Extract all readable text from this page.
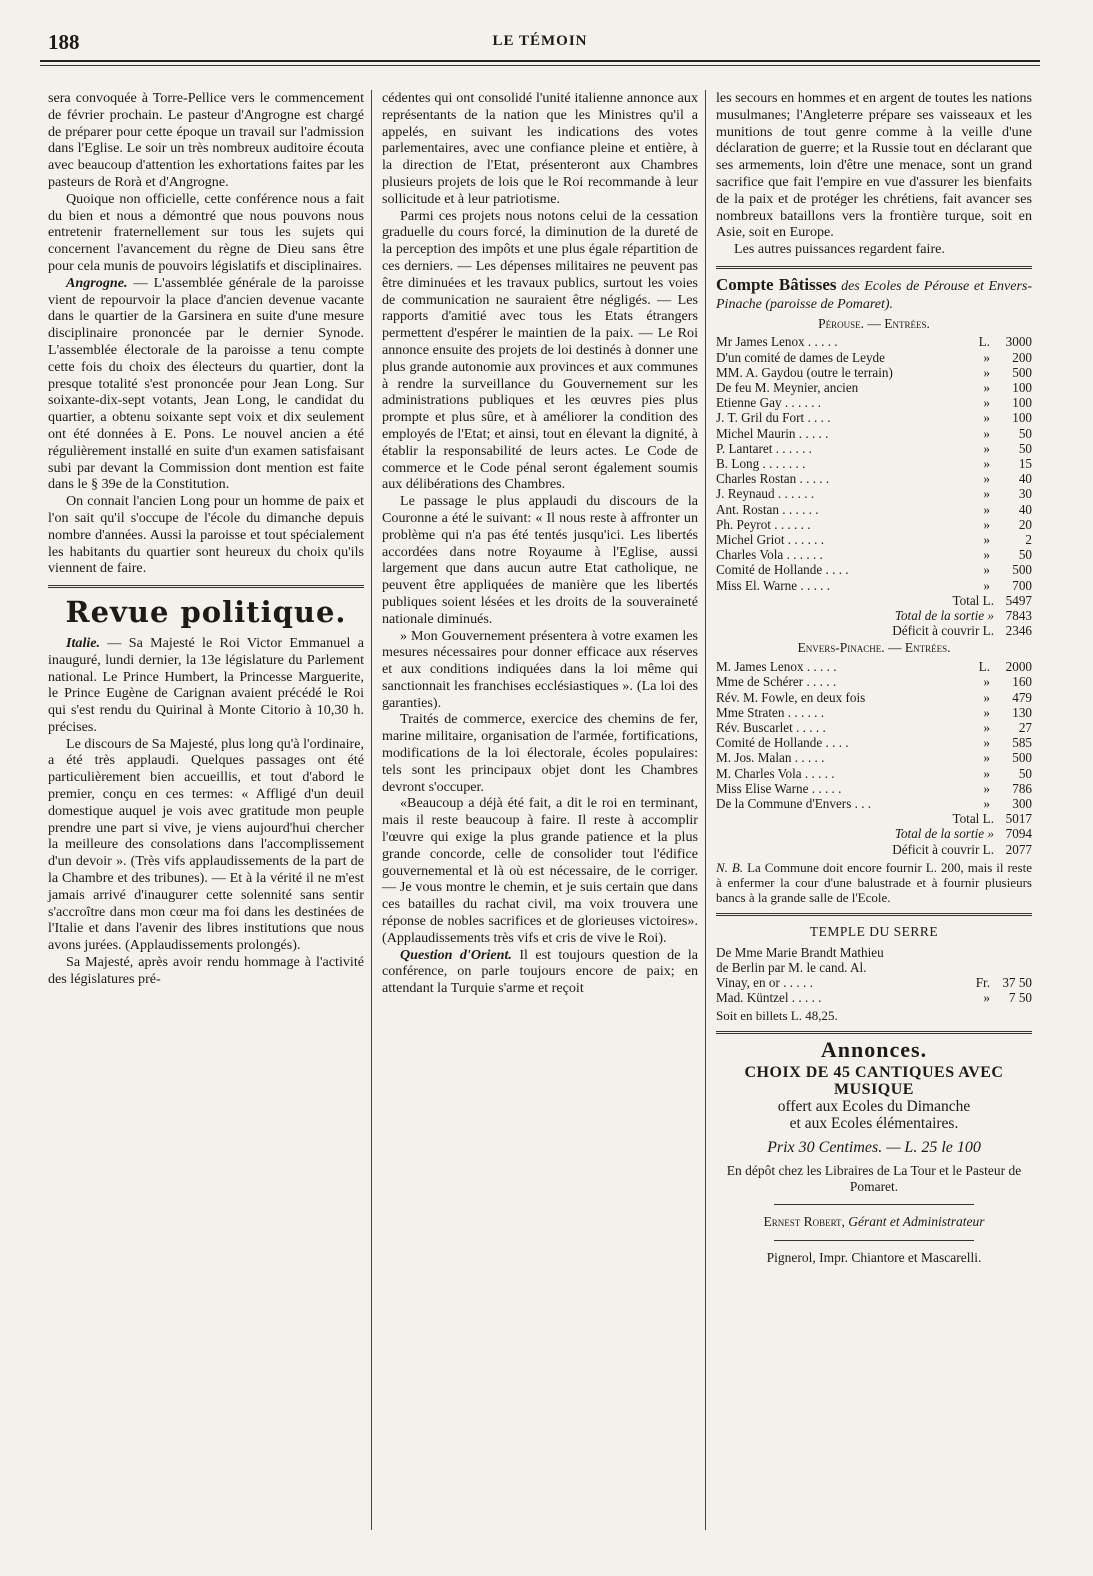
188	LE TÉMOIN

sera convoquée à Torre-Pellice vers le commencement de février prochain. Le pasteur d'Angrogne est chargé de préparer pour cette époque un travail sur l'admission dans l'Eglise. Le soir un très nombreux auditoire écouta avec beaucoup d'attention les exhortations faites par les pasteurs de Rorà et d'Angrogne.

Quoique non officielle, cette conférence nous a fait du bien et nous a démontré que nous pouvons nous entretenir fraternellement sur tous les sujets qui concernent l'avancement du règne de Dieu sans être pour cela munis de pouvoirs législatifs et disciplinaires.

Angrogne. — L'assemblée générale de la paroisse vient de repourvoir la place d'ancien devenue vacante dans le quartier de la Garsinera en suite d'une mesure disciplinaire prononcée par le dernier Synode. L'assemblée électorale de la paroisse a tenu compte cette fois du choix des électeurs du quartier, dont la presque totalité s'est prononcée pour Jean Long. Sur soixante-dix-sept votants, Jean Long, le candidat du quartier, a obtenu soixante sept voix et dix seulement ont été données à E. Pons. Le nouvel ancien a été régulièrement installé en suite d'un examen satisfaisant subi par devant la Commission dont mention est faite dans le § 39e de la Constitution.

On connait l'ancien Long pour un homme de paix et l'on sait qu'il s'occupe de l'école du dimanche depuis nombre d'années. Aussi la paroisse et tout spécialement les habitants du quartier sont heureux du choix qu'ils viennent de faire.

Revue politique.

Italie. — Sa Majesté le Roi Victor Emmanuel a inauguré, lundi dernier, la 13e législature du Parlement national. Le Prince Humbert, la Princesse Marguerite, le Prince Eugène de Carignan avaient précédé le Roi qui s'est rendu du Quirinal à Monte Citorio à 10,30 h. précises.

Le discours de Sa Majesté, plus long qu'à l'ordinaire, a été très applaudi. Quelques passages ont été particulièrement bien accueillis, et tout d'abord le premier, conçu en ces termes: « Affligé d'un deuil domestique auquel je vois avec gratitude mon peuple prendre une part si vive, je viens aujourd'hui chercher la meilleure des consolations dans l'accomplissement d'un devoir ». (Très vifs applaudissements de la part de la Chambre et des tribunes). — Et à la vérité il ne m'est jamais arrivé d'inaugurer cette solennité sans sentir s'accroître dans mon cœur ma foi dans les destinées de l'Italie et dans l'avenir des libres institutions que nous avons jurées. (Applaudissements prolongés).

Sa Majesté, après avoir rendu hommage à l'activité des législatures pré-

cédentes qui ont consolidé l'unité italienne annonce aux représentants de la nation que les Ministres qu'il a appelés, en suivant les indications des votes parlementaires, avec une confiance pleine et entière, à la direction de l'Etat, présenteront aux Chambres plusieurs projets de lois que le Roi recommande à leur sollicitude et à leur patriotisme.

Parmi ces projets nous notons celui de la cessation graduelle du cours forcé, la diminution de la dureté de la perception des impôts et une plus égale répartition de ces derniers. — Les dépenses militaires ne peuvent pas être diminuées et les travaux publics, surtout les voies de communication ne sauraient être négligés. — Les rapports d'amitié avec tous les Etats étrangers permettent d'espérer le maintien de la paix. — Le Roi annonce ensuite des projets de loi destinés à donner une plus grande autonomie aux provinces et aux communes à rendre la surveillance du Gouvernement sur les administrations publiques et les œuvres pies plus prompte et plus sûre, et à améliorer la condition des employés de l'Etat; et ainsi, tout en élevant la dignité, à établir la responsabilité de leurs actes. Le Code de commerce et le Code pénal seront également soumis aux délibérations des Chambres.

Le passage le plus applaudi du discours de la Couronne a été le suivant: « Il nous reste à affronter un problème qui n'a pas été tentés jusqu'ici. Les libertés accordées dans notre Royaume à l'Eglise, aussi largement que dans aucun autre Etat catholique, ne peuvent être appliquées de manière que les libertés publiques soient lésées et les droits de la souveraineté nationale diminués.

» Mon Gouvernement présentera à votre examen les mesures nécessaires pour donner efficace aux réserves et aux conditions indiquées dans la loi même qui sanctionnait les franchises ecclésiastiques ». (La loi des garanties).

Traités de commerce, exercice des chemins de fer, marine militaire, organisation de l'armée, fortifications, modifications de la loi électorale, écoles populaires: tels sont les principaux objet dont les Chambres devront s'occuper.

«Beaucoup a déjà été fait, a dit le roi en terminant, mais il reste beaucoup à faire. Il reste à accomplir l'œuvre qui exige la plus grande patience et la plus grande concorde, celle de consolider tout l'édifice gouvernemental et là où est nécessaire, de le corriger. — Je vous montre le chemin, et je suis certain que dans ces batailles du rachat civil, ma voix trouvera une réponse de nobles sacrifices et de glorieuses victoires». (Applaudissements très vifs et cris de vive le Roi).

Question d'Orient. Il est toujours question de la conférence, on parle toujours encore de paix; en attendant la Turquie s'arme et reçoit

les secours en hommes et en argent de toutes les nations musulmanes; l'Angleterre prépare ses vaisseaux et les munitions de tout genre comme à la veille d'une déclaration de guerre; et la Russie tout en déclarant que ses armements, loin d'être une menace, sont un grand sacrifice que fait l'empire en vue d'assurer les bienfaits de la paix et de protéger les chrétiens, fait avancer ses nombreux bataillons vers la frontière turque, soit en Asie, soit en Europe.

Les autres puissances regardent faire.

Compte Bâtisses des Ecoles de Pérouse et Envers-Pinache (paroisse de Pomaret).
Pérouse. — Entrées.
Mr James Lenox . . . . .	L.	3000
D'un comité de dames de Leyde	»	200
MM. A. Gaydou (outre le terrain)	»	500
De feu M. Meynier, ancien	»	100
Etienne Gay . . . . . .	»	100
J. T. Gril du Fort . . . .	»	100
Michel Maurin . . . . .	»	50
P. Lantaret . . . . . .	»	50
B. Long . . . . . . .	»	15
Charles Rostan . . . . .	»	40
J. Reynaud . . . . . .	»	30
Ant. Rostan . . . . . .	»	40
Ph. Peyrot . . . . . .	»	20
Michel Griot . . . . . .	»	2
Charles Vola . . . . . .	»	50
Comité de Hollande . . . .	»	500
Miss El. Warne . . . . .	»	700
Total L.		5497
Total de la sortie »		7843
Déficit à couvrir L.		2346
Envers-Pinache. — Entrées.
M. James Lenox . . . . .	L.	2000
Mme de Schérer . . . . .	»	160
Rév. M. Fowle, en deux fois	»	479
Mme Straten . . . . . .	»	130
Rév. Buscarlet . . . . .	»	27
Comité de Hollande . . . .	»	585
M. Jos. Malan . . . . .	»	500
M. Charles Vola . . . . .	»	50
Miss Elise Warne . . . . .	»	786
De la Commune d'Envers . . .	»	300
Total L.		5017
Total de la sortie »		7094
Déficit à couvrir L.		2077
N. B. La Commune doit encore fournir L. 200, mais il reste à enfermer la cour d'une balustrade et à fournir plusieurs bancs à la grande salle de l'Ecole.
TEMPLE DU SERRE
De Mme Marie Brandt Mathieu		
de Berlin par M. le cand. Al.		
Vinay, en or . . . . .	Fr.	37 50
Mad. Küntzel . . . . .	»	7 50
Soit en billets L. 48,25.
Annonces.
CHOIX DE 45 CANTIQUES AVEC MUSIQUE
offert aux Ecoles du Dimanche
et aux Ecoles élémentaires.
Prix 30 Centimes. — L. 25 le 100
En dépôt chez les Libraires de La Tour et le Pasteur de Pomaret.
Ernest Robert, Gérant et Administrateur
Pignerol, Impr. Chiantore et Mascarelli.
